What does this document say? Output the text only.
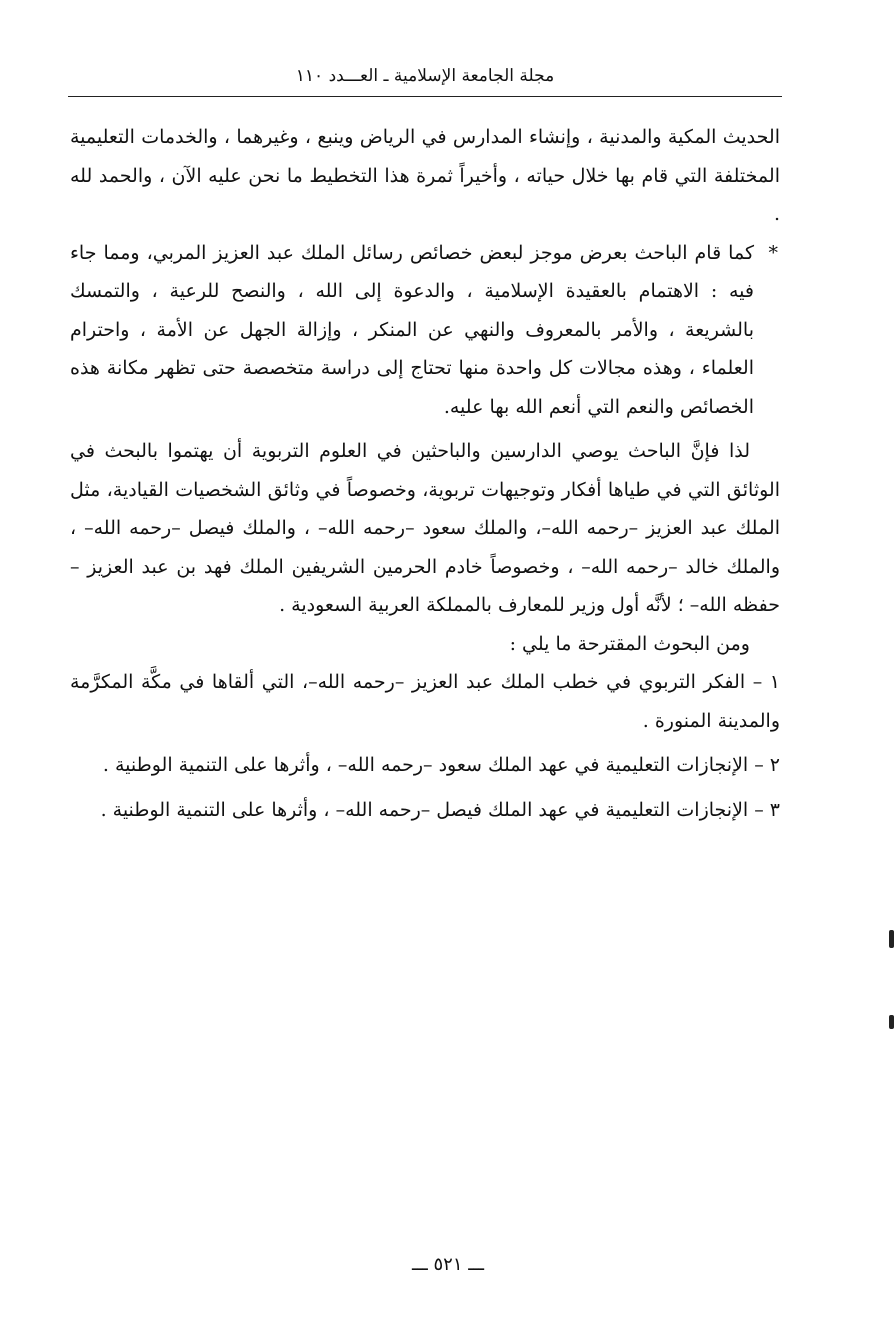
مجلة الجامعة الإسلامية ـ العـــدد ١١٠

الحديث المكية والمدنية ، وإنشاء المدارس في الرياض وينبع ، وغيرهما ، والخدمات التعليمية المختلفة التي قام بها خلال حياته ، وأخيراً ثمرة هذا التخطيط ما نحن عليه الآن ، والحمد لله .

*
كما قام الباحث بعرض موجز لبعض خصائص رسائل الملك عبد العزيز المربي، ومما جاء فيه : الاهتمام بالعقيدة الإسلامية ، والدعوة إلى الله ، والنصح للرعية ، والتمسك بالشريعة ، والأمر بالمعروف والنهي عن المنكر ، وإزالة الجهل عن الأمة ، واحترام العلماء ، وهذه مجالات كل واحدة منها تحتاج إلى دراسة متخصصة حتى تظهر مكانة هذه الخصائص والنعم التي أنعم الله بها عليه.

لذا فإنَّ الباحث يوصي الدارسين والباحثين في العلوم التربوية أن يهتموا بالبحث في الوثائق التي في طياها أفكار وتوجيهات تربوية، وخصوصاً في وثائق الشخصيات القيادية، مثل الملك عبد العزيز –رحمه الله–، والملك سعود –رحمه الله– ، والملك فيصل –رحمه الله– ، والملك خالد –رحمه الله– ، وخصوصاً خادم الحرمين الشريفين الملك فهد بن عبد العزيز –حفظه الله– ؛ لأنَّه أول وزير للمعارف بالمملكة العربية السعودية .

ومن البحوث المقترحة ما يلي :

١ – الفكر التربوي في خطب الملك عبد العزيز –رحمه الله–، التي ألقاها في مكَّة المكرَّمة والمدينة المنورة .

٢ – الإنجازات التعليمية في عهد الملك سعود –رحمه الله– ، وأثرها على التنمية الوطنية .

٣ – الإنجازات التعليمية في عهد الملك فيصل –رحمه الله– ، وأثرها على التنمية الوطنية .

ـــ ٥٢١ ـــ
